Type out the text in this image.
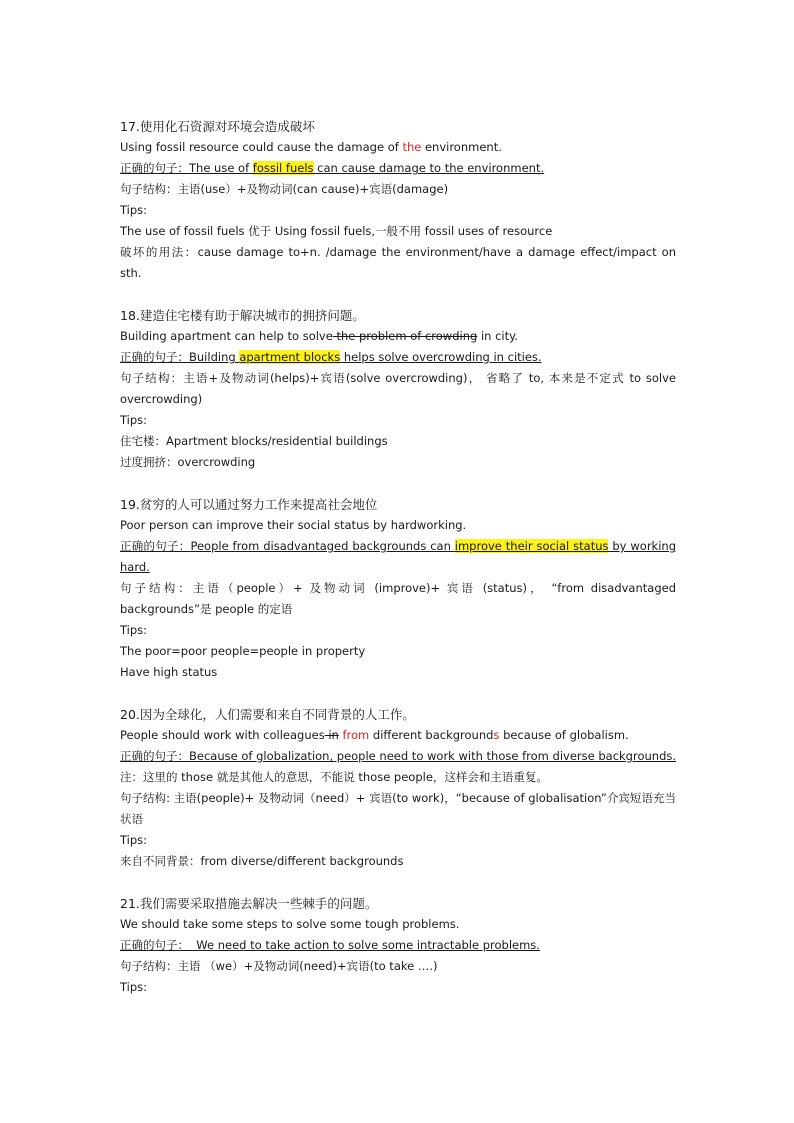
17.使用化石资源对环境会造成破坏

Using fossil resource could cause the damage of the environment.

正确的句子：The use of fossil fuels can cause damage to the environment.

句子结构：主语(use）+及物动词(can cause)+宾语(damage)

Tips:

The use of fossil fuels 优于 Using fossil fuels,一般不用 fossil uses of resource

破坏的用法：cause damage to+n. /damage the environment/have a damage effect/impact on sth.

18.建造住宅楼有助于解决城市的拥挤问题。

Building apartment can help to solve the problem of crowding in city.

正确的句子：Building apartment blocks helps solve overcrowding in cities.

句子结构：主语+及物动词(helps)+宾语(solve overcrowding)， 省略了 to, 本来是不定式 to solve overcrowding)

Tips:

住宅楼：Apartment blocks/residential buildings

过度拥挤：overcrowding

19.贫穷的人可以通过努力工作来提高社会地位

Poor person can improve their social status by hardworking.

正确的句子：People from disadvantaged backgrounds can improve their social status by working hard.

句子结构：主语（people）+ 及物动词 (improve)+ 宾语 (status)， “from disadvantaged backgrounds”是 people 的定语

Tips:

The poor=poor people=people in property

Have high status

20.因为全球化，人们需要和来自不同背景的人工作。

People should work with colleagues in from different backgrounds because of globalism.

正确的句子：Because of globalization, people need to work with those from diverse backgrounds.

注：这里的 those 就是其他人的意思，不能说 those people，这样会和主语重复。

句子结构: 主语(people)+ 及物动词（need）+ 宾语(to work)，“because of globalisation”介宾短语充当状语

Tips:

来自不同背景：from diverse/different backgrounds

21.我们需要采取措施去解决一些棘手的问题。

We should take some steps to solve some tough problems.

正确的句子：  We need to take action to solve some intractable problems.

句子结构：主语 （we）+及物动词(need)+宾语(to take ….)

Tips:
